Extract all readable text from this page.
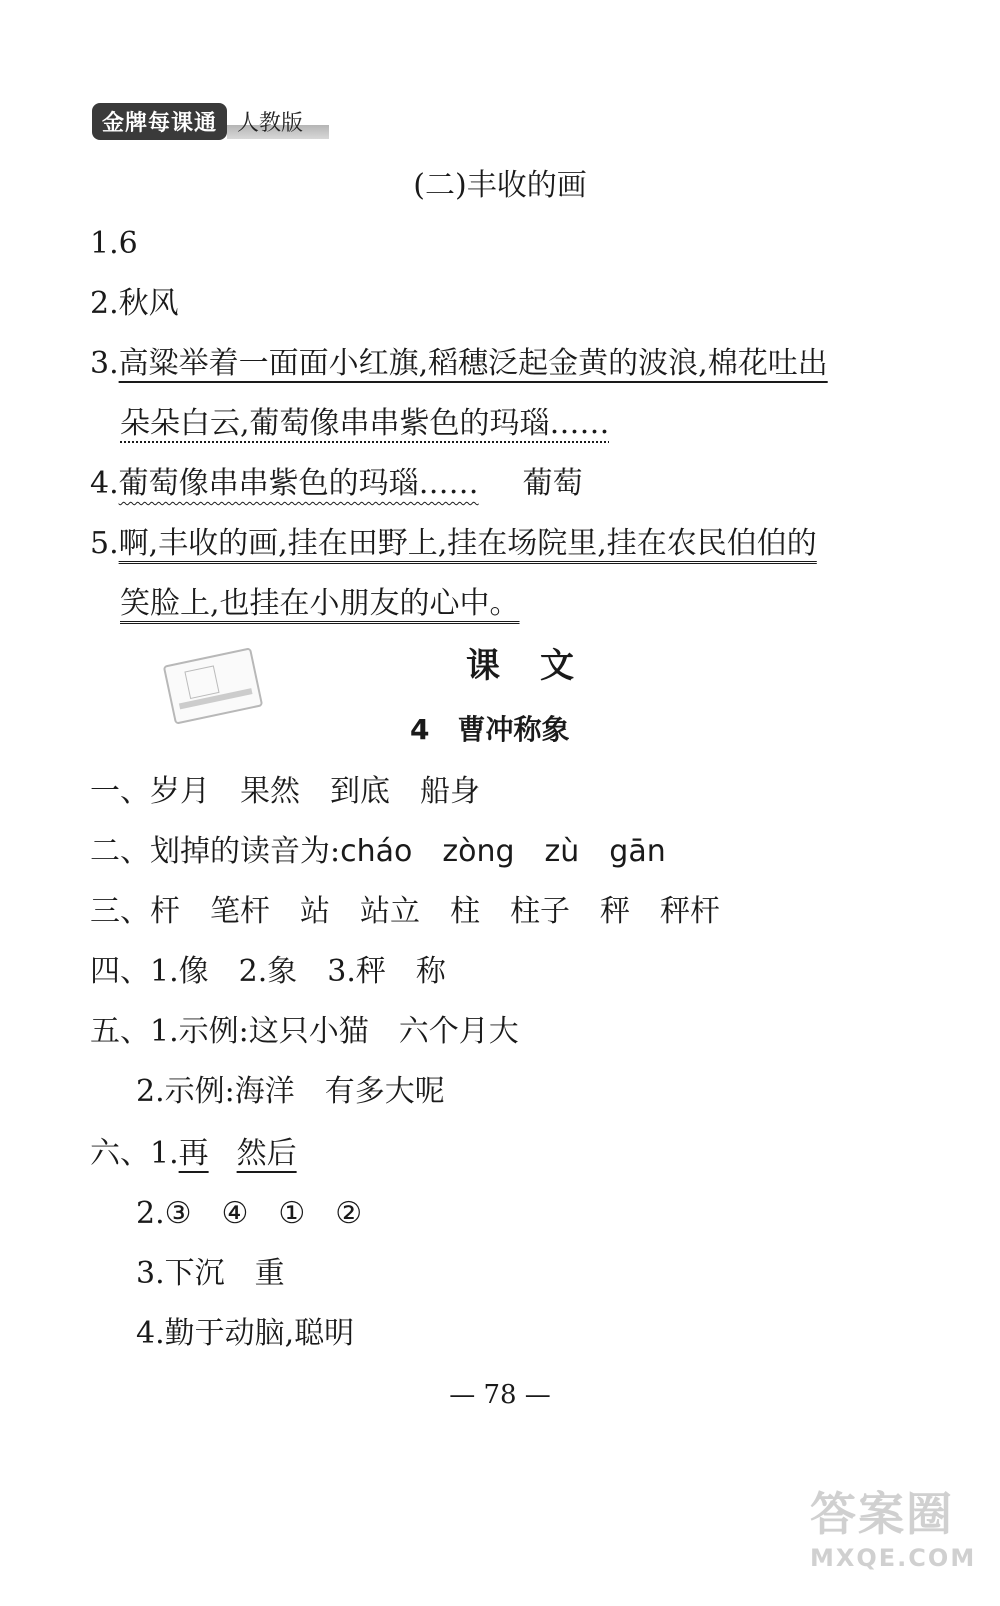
金牌每课通 人教版
(二)丰收的画
1.6
2.秋风
3.高粱举着一面面小红旗,稻穗泛起金黄的波浪,棉花吐出
朵朵白云,葡萄像串串紫色的玛瑙……
4.葡萄像串串紫色的玛瑙…… 葡萄
5.啊,丰收的画,挂在田野上,挂在场院里,挂在农民伯伯的
笑脸上,也挂在小朋友的心中。
课文
4 曹冲称象
一、岁月　果然　到底　船身
二、划掉的读音为:cháo　zòng　zù　gān
三、杆　笔杆　站　站立　柱　柱子　秤　秤杆
四、1.像　2.象　3.秤　称
五、1.示例:这只小猫　六个月大
2.示例:海洋　有多大呢
六、1.再 然后
2.③　④　①　②
3.下沉　重
4.勤于动脑,聪明
— 78 —
答案圈
MXQE.COM
